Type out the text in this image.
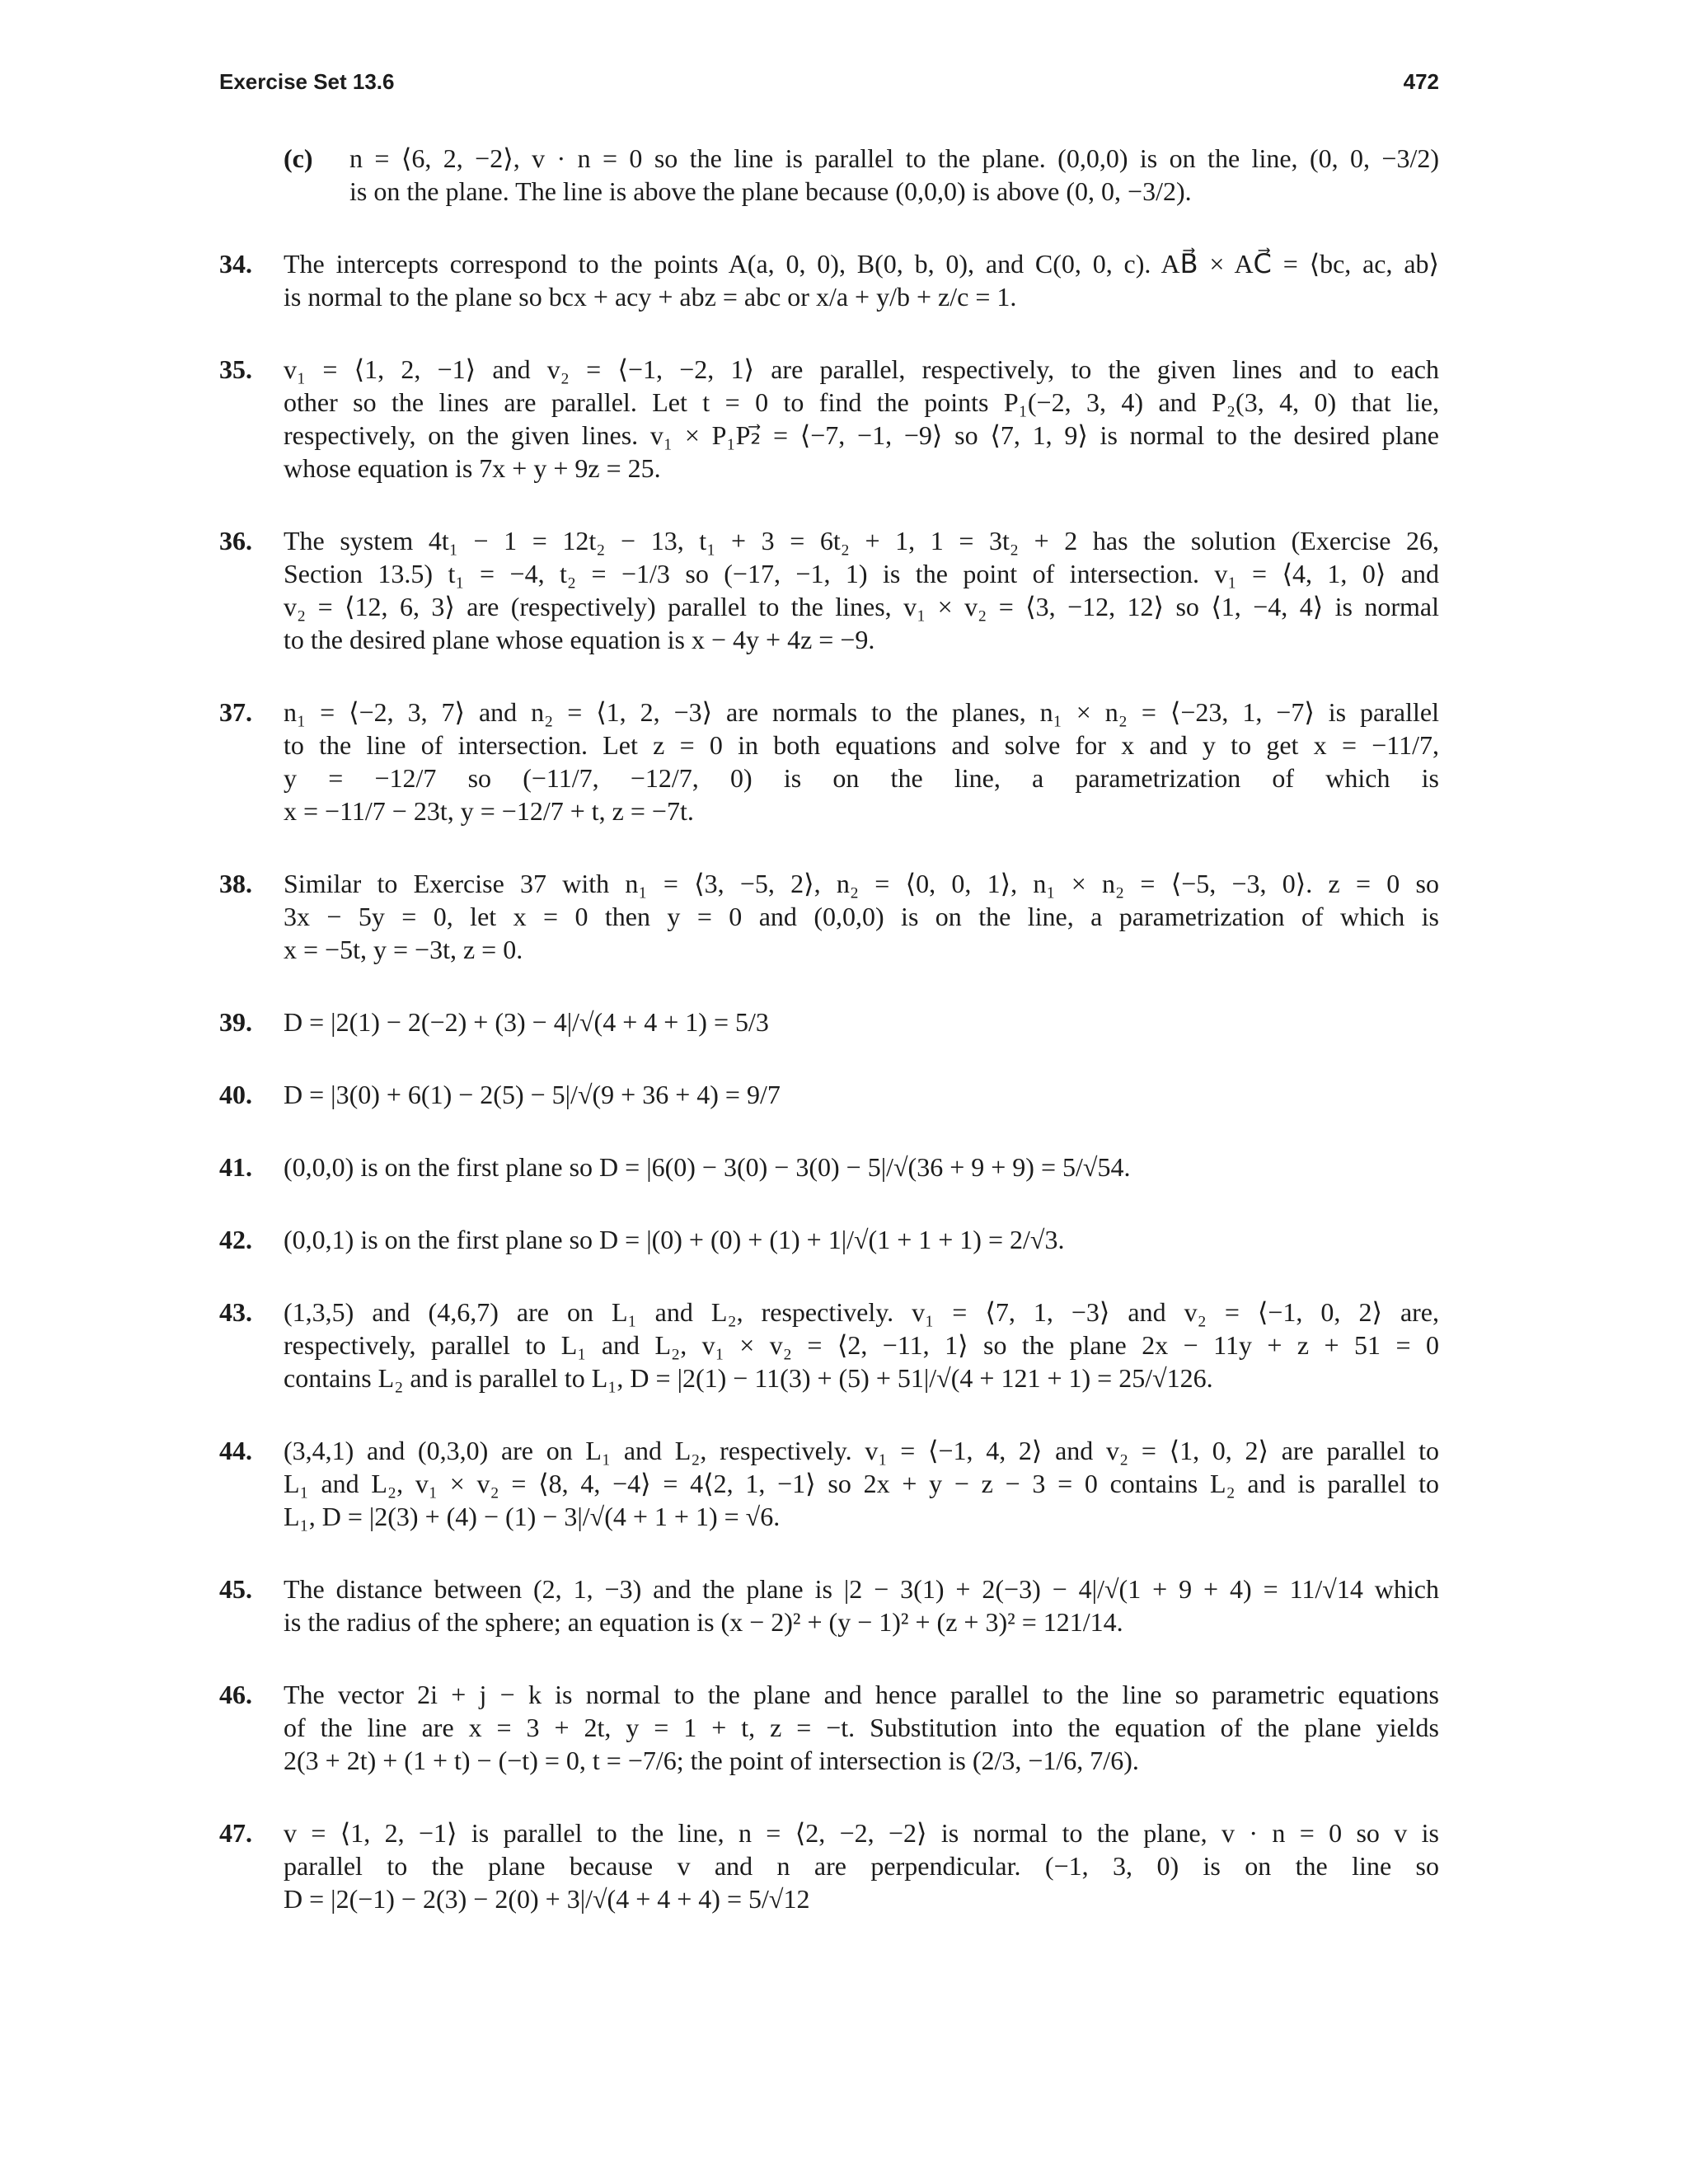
Exercise Set 13.6	472
(c) n = ⟨6, 2, −2⟩, v · n = 0 so the line is parallel to the plane. (0,0,0) is on the line, (0, 0, −3/2)
is on the plane. The line is above the plane because (0,0,0) is above (0, 0, −3/2).
34. The intercepts correspond to the points A(a, 0, 0), B(0, b, 0), and C(0, 0, c). AB⃗ × AC⃗ = ⟨bc, ac, ab⟩
is normal to the plane so bcx + acy + abz = abc or x/a + y/b + z/c = 1.
35. v₁ = ⟨1, 2, −1⟩ and v₂ = ⟨−1, −2, 1⟩ are parallel, respectively, to the given lines and to each
other so the lines are parallel. Let t = 0 to find the points P₁(−2, 3, 4) and P₂(3, 4, 0) that lie,
respectively, on the given lines. v₁ × P₁P₂⃗ = ⟨−7, −1, −9⟩ so ⟨7, 1, 9⟩ is normal to the desired plane
whose equation is 7x + y + 9z = 25.
36. The system 4t₁ − 1 = 12t₂ − 13, t₁ + 3 = 6t₂ + 1, 1 = 3t₂ + 2 has the solution (Exercise 26,
Section 13.5) t₁ = −4, t₂ = −1/3 so (−17, −1, 1) is the point of intersection. v₁ = ⟨4, 1, 0⟩ and
v₂ = ⟨12, 6, 3⟩ are (respectively) parallel to the lines, v₁ × v₂ = ⟨3, −12, 12⟩ so ⟨1, −4, 4⟩ is normal
to the desired plane whose equation is x − 4y + 4z = −9.
37. n₁ = ⟨−2, 3, 7⟩ and n₂ = ⟨1, 2, −3⟩ are normals to the planes, n₁ × n₂ = ⟨−23, 1, −7⟩ is parallel
to the line of intersection. Let z = 0 in both equations and solve for x and y to get x = −11/7,
y = −12/7 so (−11/7, −12/7, 0) is on the line, a parametrization of which is
x = −11/7 − 23t, y = −12/7 + t, z = −7t.
38. Similar to Exercise 37 with n₁ = ⟨3, −5, 2⟩, n₂ = ⟨0, 0, 1⟩, n₁ × n₂ = ⟨−5, −3, 0⟩. z = 0 so
3x − 5y = 0, let x = 0 then y = 0 and (0,0,0) is on the line, a parametrization of which is
x = −5t, y = −3t, z = 0.
39. D = |2(1) − 2(−2) + (3) − 4|/√(4 + 4 + 1) = 5/3
40. D = |3(0) + 6(1) − 2(5) − 5|/√(9 + 36 + 4) = 9/7
41. (0,0,0) is on the first plane so D = |6(0) − 3(0) − 3(0) − 5|/√(36 + 9 + 9) = 5/√54.
42. (0,0,1) is on the first plane so D = |(0) + (0) + (1) + 1|/√(1 + 1 + 1) = 2/√3.
43. (1,3,5) and (4,6,7) are on L₁ and L₂, respectively. v₁ = ⟨7, 1, −3⟩ and v₂ = ⟨−1, 0, 2⟩ are,
respectively, parallel to L₁ and L₂, v₁ × v₂ = ⟨2, −11, 1⟩ so the plane 2x − 11y + z + 51 = 0
contains L₂ and is parallel to L₁, D = |2(1) − 11(3) + (5) + 51|/√(4 + 121 + 1) = 25/√126.
44. (3,4,1) and (0,3,0) are on L₁ and L₂, respectively. v₁ = ⟨−1, 4, 2⟩ and v₂ = ⟨1, 0, 2⟩ are parallel to
L₁ and L₂, v₁ × v₂ = ⟨8, 4, −4⟩ = 4⟨2, 1, −1⟩ so 2x + y − z − 3 = 0 contains L₂ and is parallel to
L₁, D = |2(3) + (4) − (1) − 3|/√(4 + 1 + 1) = √6.
45. The distance between (2, 1, −3) and the plane is |2 − 3(1) + 2(−3) − 4|/√(1 + 9 + 4) = 11/√14 which
is the radius of the sphere; an equation is (x − 2)² + (y − 1)² + (z + 3)² = 121/14.
46. The vector 2i + j − k is normal to the plane and hence parallel to the line so parametric equations
of the line are x = 3 + 2t, y = 1 + t, z = −t. Substitution into the equation of the plane yields
2(3 + 2t) + (1 + t) − (−t) = 0, t = −7/6; the point of intersection is (2/3, −1/6, 7/6).
47. v = ⟨1, 2, −1⟩ is parallel to the line, n = ⟨2, −2, −2⟩ is normal to the plane, v · n = 0 so v is
parallel to the plane because v and n are perpendicular. (−1, 3, 0) is on the line so
D = |2(−1) − 2(3) − 2(0) + 3|/√(4 + 4 + 4) = 5/√12
